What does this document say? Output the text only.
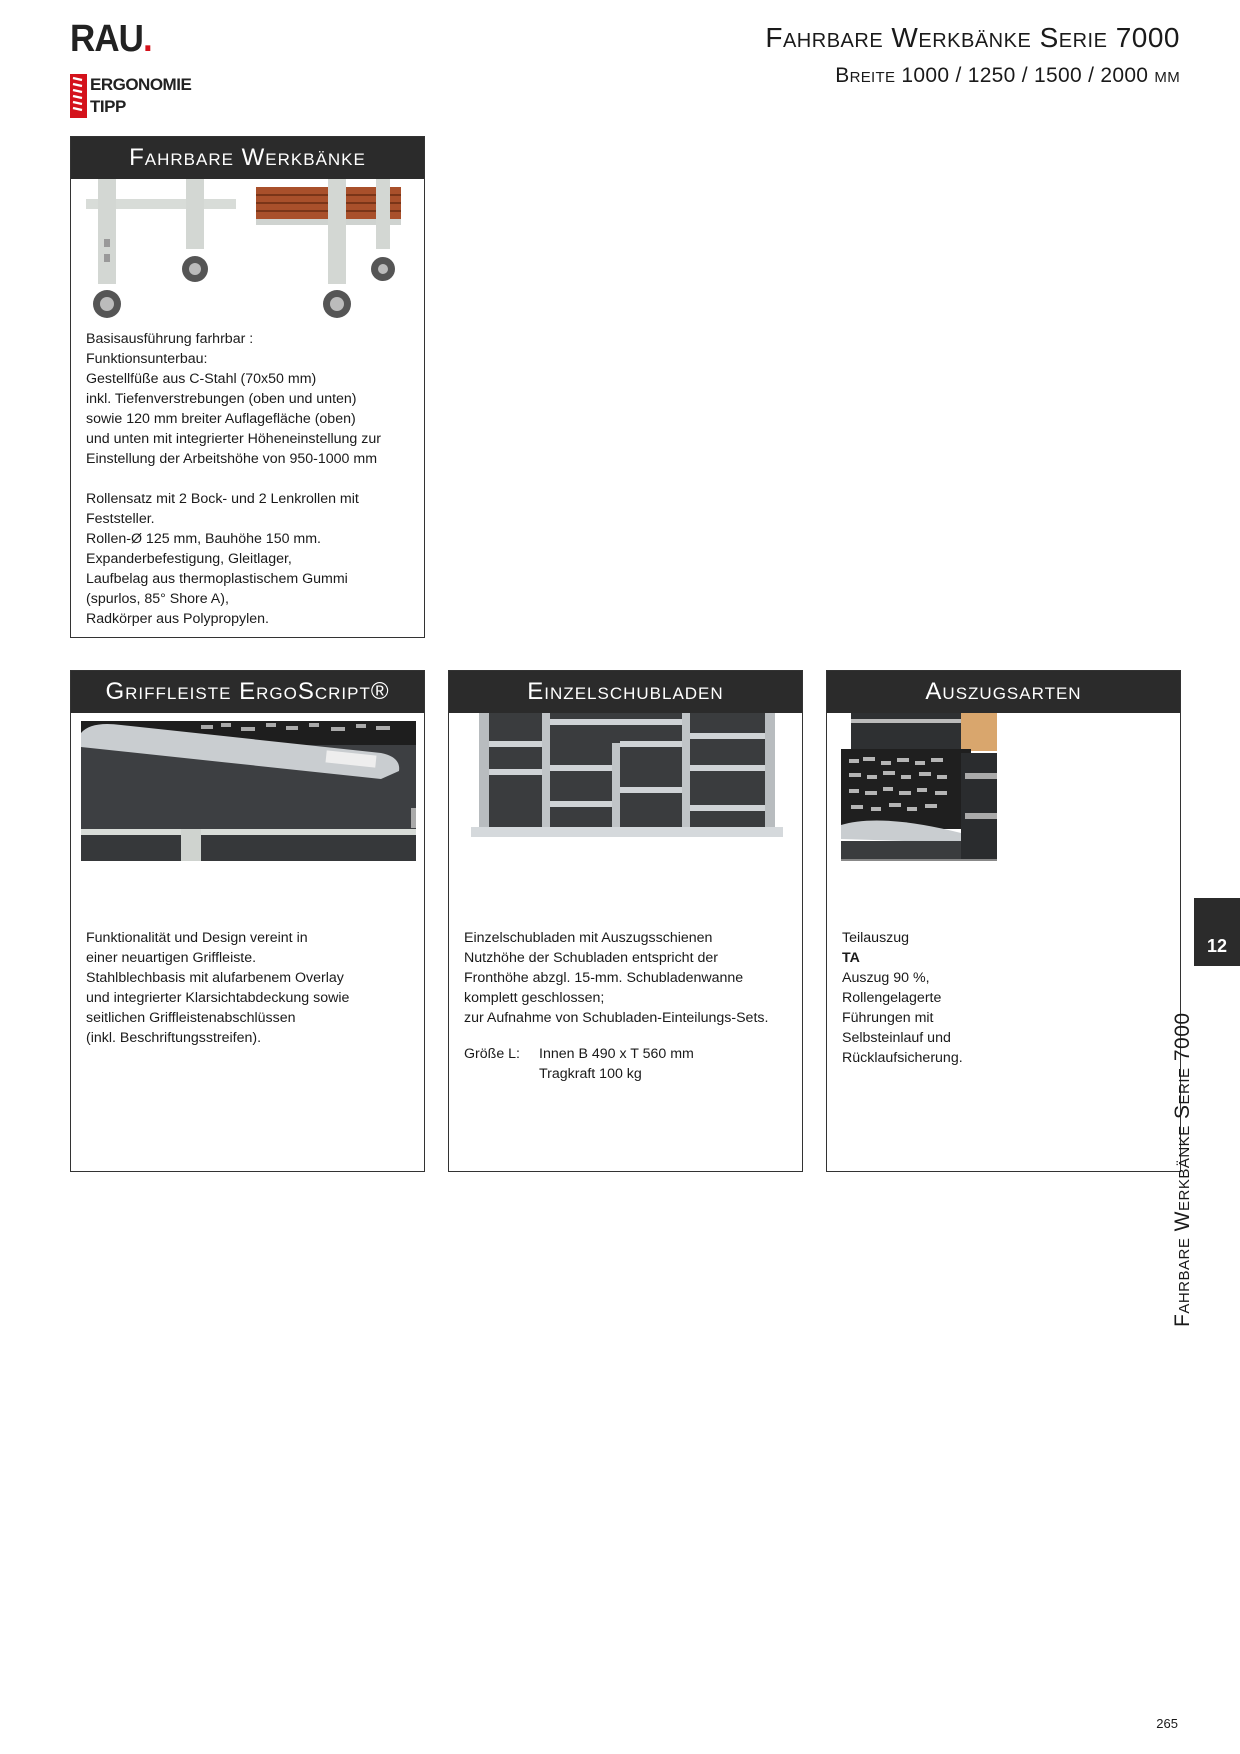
RAU.
ERGONOMIE
TIPP
Fahrbare Werkbänke Serie 7000
Breite 1000 / 1250 / 1500 / 2000 mm
Fahrbare Werkbänke

Basisausführung farhrbar :

Funktionsunterbau:

Gestellfüße aus C-Stahl (70x50 mm)

inkl. Tiefenverstrebungen (oben und unten)

sowie 120 mm breiter Auflagefläche (oben)

und unten mit integrierter Höheneinstellung zur

Einstellung der Arbeitshöhe von 950-1000 mm

Rollensatz mit 2 Bock- und 2 Lenkrollen mit

Feststeller.

Rollen-Ø 125 mm, Bauhöhe 150 mm.

Expanderbefestigung, Gleitlager,

Laufbelag aus thermoplastischem Gummi

(spurlos, 85° Shore A),

Radkörper aus Polypropylen.

Griffleiste ErgoScript®

Funktionalität und Design vereint in

einer neuartigen Griffleiste.

Stahlblechbasis mit alufarbenem Overlay

und integrierter Klarsichtabdeckung sowie

seitlichen Griffleistenabschlüssen

(inkl. Beschriftungsstreifen).

Einzelschubladen

Einzelschubladen mit Auszugsschienen

Nutzhöhe der Schubladen entspricht der

Fronthöhe abzgl. 15-mm. Schubladenwanne

komplett geschlossen;

zur Aufnahme von Schubladen-Einteilungs-Sets.

Größe L:	Innen B 490 x T 560 mm

Tragkraft 100 kg

Auszugsarten

Teilauszug

TA

Auszug 90 %,

Rollengelagerte

Führungen mit

Selbsteinlauf und

Rücklaufsicherung.

12
Fahrbare Werkbänke Serie 7000
265
